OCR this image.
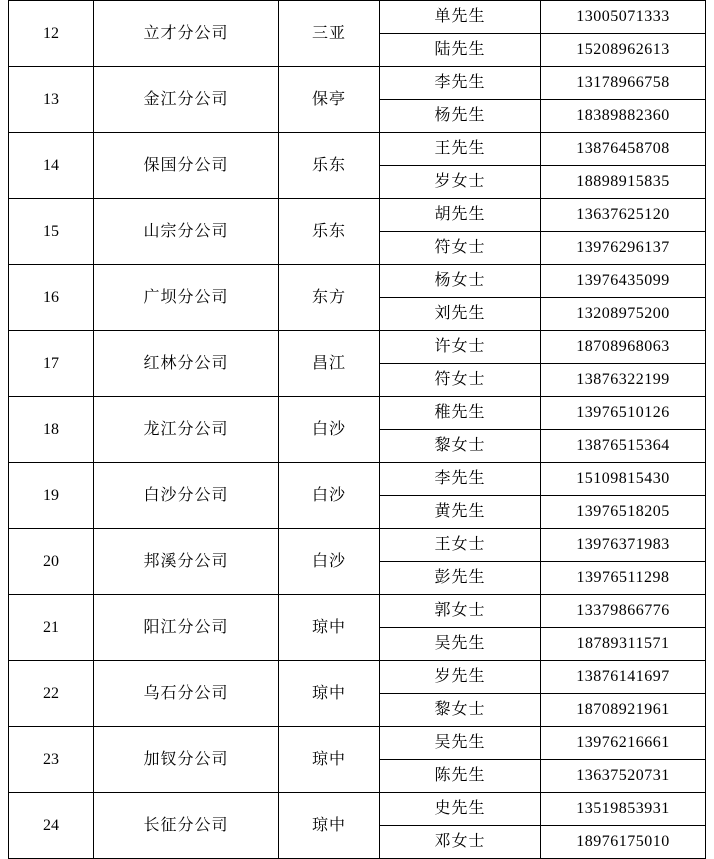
12	立才分公司	三亚	单先生	13005071333
			陆先生	15208962613
13	金江分公司	保亭	李先生	13178966758
			杨先生	18389882360
14	保国分公司	乐东	王先生	13876458708
			岁女士	18898915835
15	山宗分公司	乐东	胡先生	13637625120
			符女士	13976296137
16	广坝分公司	东方	杨女士	13976435099
			刘先生	13208975200
17	红林分公司	昌江	许女士	18708968063
			符女士	13876322199
18	龙江分公司	白沙	稚先生	13976510126
			黎女士	13876515364
19	白沙分公司	白沙	李先生	15109815430
			黄先生	13976518205
20	邦溪分公司	白沙	王女士	13976371983
			彭先生	13976511298
21	阳江分公司	琼中	郭女士	13379866776
			吴先生	18789311571
22	乌石分公司	琼中	岁先生	13876141697
			黎女士	18708921961
23	加钗分公司	琼中	吴先生	13976216661
			陈先生	13637520731
24	长征分公司	琼中	史先生	13519853931
			邓女士	18976175010
